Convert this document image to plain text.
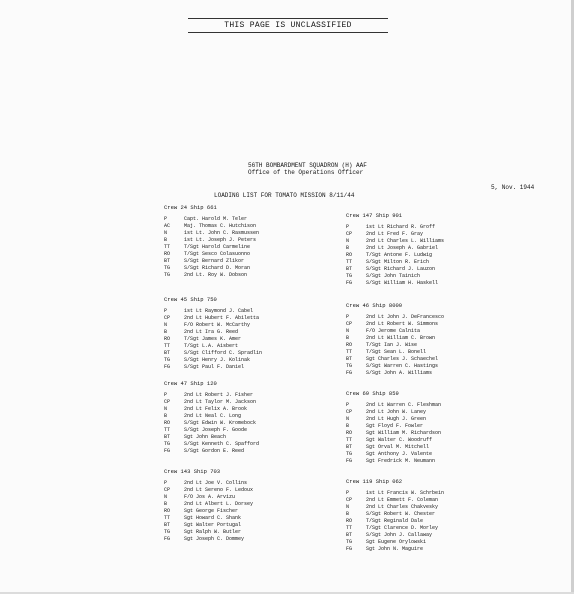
THIS PAGE IS UNCLASSIFIED
56TH BOMBARDMENT SQUADRON (H) AAF
Office of the Operations Officer
5, Nov. 1944
LOADING LIST FOR TOMATO MISSION 8/11/44
Crew 24 Ship 661
P	Capt. Harold M. Teler
AC	Maj. Thomas C. Hutchison
N	1st Lt. John C. Rasmussen
B	1st Lt. Joseph J. Peters
TT	T/Sgt Harold Carmeline
RO	T/Sgt Sesco Colasuonno
BT	S/Sgt Bernard Zlikor
TG	S/Sgt Richard D. Moran
TG	2nd Lt. Roy W. Dobson
Crew 45 Ship 750
P	1st Lt Raymond J. Cabel
CP	2nd Lt Hubert F. Abiletta
N	F/O Robert W. McCarthy
B	2nd Lt Ira G. Reed
RO	T/Sgt James K. Amer
TT	T/Sgt L.A. Aisbert
BT	S/Sgt Clifford C. Spradlin
TG	S/Sgt Henry J. Kolinak
FG	S/Sgt Paul F. Daniel
Crew 47 Ship 120
P	2nd Lt Robert J. Fisher
CP	2nd Lt Taylor M. Jackson
N	2nd Lt Felix A. Brook
B	2nd Lt Neal C. Long
RO	S/Sgt Edwin W. Kromebock
TT	S/Sgt Joseph F. Goode
BT	Sgt John Beach
TG	S/Sgt Kenneth C. Spafford
FG	S/Sgt Gordon E. Reed
Crew 143 Ship 703
P	2nd Lt Joe V. Collins
CP	2nd Lt Sereno F. Ledoux
N	F/O Jos A. Arvizu
B	2nd Lt Albert L. Dorsey
RO	Sgt George Fischer
TT	Sgt Howard C. Shank
BT	Sgt Walter Portugal
TG	Sgt Ralph W. Butler
FG	Sgt Joseph C. Dommey
Crew 147 Ship 901
P	1st Lt Richard R. Groff
CP	2nd Lt Fred F. Gray
N	2nd Lt Charles L. Williams
B	2nd Lt Joseph A. Gabriel
RO	T/Sgt Antone F. Ludwig
TT	S/Sgt Milton R. Erich
BT	S/Sgt Richard J. Lauzon
TG	S/Sgt John Tainich
FG	S/Sgt William H. Haskell
Crew 46 Ship 8000
P	2nd Lt John J. DeFrancesco
CP	2nd Lt Robert W. Simmons
N	F/O Jerome Calnita
B	2nd Lt William C. Brown
RO	T/Sgt Ian J. Wise
TT	T/Sgt Sean L. Bonell
BT	Sgt Charles J. Schaechel
TG	S/Sgt Warren C. Hastings
FG	S/Sgt John A. Williams
Crew 69 Ship 859
P	2nd Lt Warren C. Fleshman
CP	2nd Lt John W. Laney
N	2nd Lt Hugh J. Green
B	Sgt Floyd F. Fowler
RO	Sgt William M. Richardson
TT	Sgt Walter C. Woodruff
BT	Sgt Orval M. Mitchell
TG	Sgt Anthony J. Valente
FG	Sgt Fredrick M. Neumann
Crew 119 Ship 062
P	1st Lt Francis W. Schrbein
CP	2nd Lt Emmett F. Coleman
N	2nd Lt Charles Chakvesky
B	S/Sgt Robert W. Chester
RO	T/Sgt Reginald Dale
TT	T/Sgt Clarence D. Morley
BT	S/Sgt John J. Callaway
TG	Sgt Eugene Orylowski
FG	Sgt John N. Maguire
